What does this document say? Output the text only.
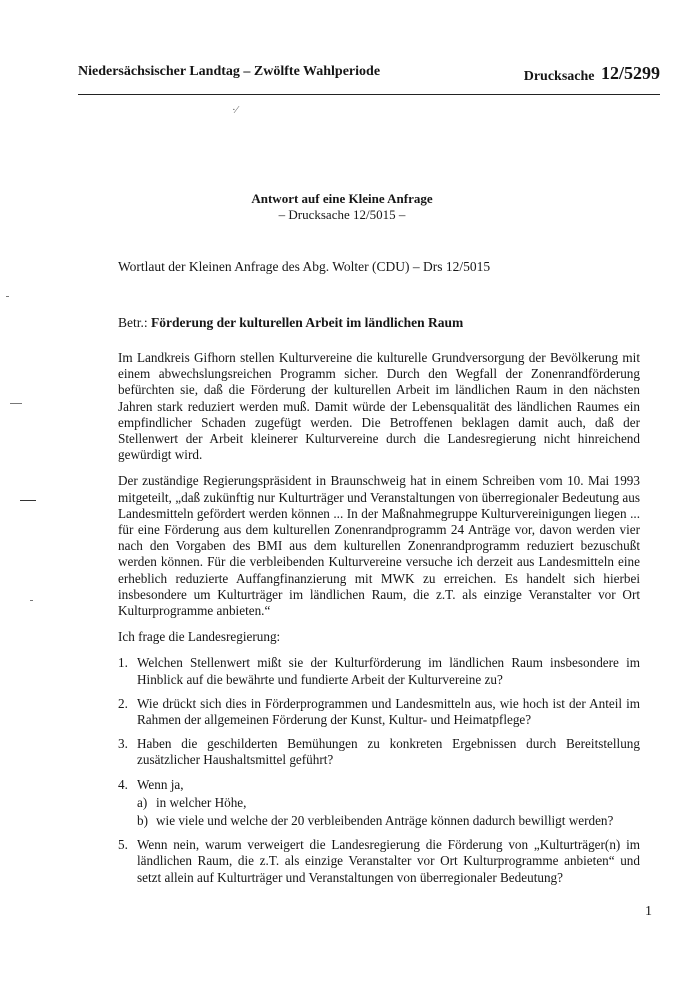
Niedersächsischer Landtag – Zwölfte Wahlperiode	Drucksache 12/5299
·⁄
Antwort auf eine Kleine Anfrage
– Drucksache 12/5015 –
Wortlaut der Kleinen Anfrage des Abg. Wolter (CDU) – Drs 12/5015
Betr.: Förderung der kulturellen Arbeit im ländlichen Raum

Im Landkreis Gifhorn stellen Kulturvereine die kulturelle Grundversorgung der Bevölkerung mit einem abwechslungsreichen Programm sicher. Durch den Wegfall der Zonenrandförderung befürchten sie, daß die Förderung der kulturellen Arbeit im ländlichen Raum in den nächsten Jahren stark reduziert werden muß. Damit würde der Lebensqualität des ländlichen Raumes ein empfindlicher Schaden zugefügt werden. Die Betroffenen beklagen damit auch, daß der Stellenwert der Arbeit kleinerer Kulturvereine durch die Landesregierung nicht hinreichend gewürdigt wird.

Der zuständige Regierungspräsident in Braunschweig hat in einem Schreiben vom 10. Mai 1993 mitgeteilt, „daß zukünftig nur Kulturträger und Veranstaltungen von überregionaler Bedeutung aus Landesmitteln gefördert werden können ... In der Maßnahmegruppe Kulturvereinigungen liegen ... für eine Förderung aus dem kulturellen Zonenrandprogramm 24 Anträge vor, davon werden vier nach den Vorgaben des BMI aus dem kulturellen Zonenrandprogramm reduziert bezuschußt werden können. Für die verbleibenden Kulturvereine versuche ich derzeit aus Landesmitteln eine erheblich reduzierte Auffangfinanzierung mit MWK zu erreichen. Es handelt sich hierbei insbesondere um Kulturträger im ländlichen Raum, die z.T. als einzige Veranstalter vor Ort Kulturprogramme anbieten.“

Ich frage die Landesregierung:

1. Welchen Stellenwert mißt sie der Kulturförderung im ländlichen Raum insbesondere im Hinblick auf die bewährte und fundierte Arbeit der Kulturvereine zu?
2. Wie drückt sich dies in Förderprogrammen und Landesmitteln aus, wie hoch ist der Anteil im Rahmen der allgemeinen Förderung der Kunst, Kultur- und Heimatpflege?
3. Haben die geschilderten Bemühungen zu konkreten Ergebnissen durch Bereitstellung zusätzlicher Haushaltsmittel geführt?
4. Wenn ja,
a) in welcher Höhe,
b) wie viele und welche der 20 verbleibenden Anträge können dadurch bewilligt werden?
5. Wenn nein, warum verweigert die Landesregierung die Förderung von „Kulturträger(n) im ländlichen Raum, die z.T. als einzige Veranstalter vor Ort Kulturprogramme anbieten“ und setzt allein auf Kulturträger und Veranstaltungen von überregionaler Bedeutung?
1
